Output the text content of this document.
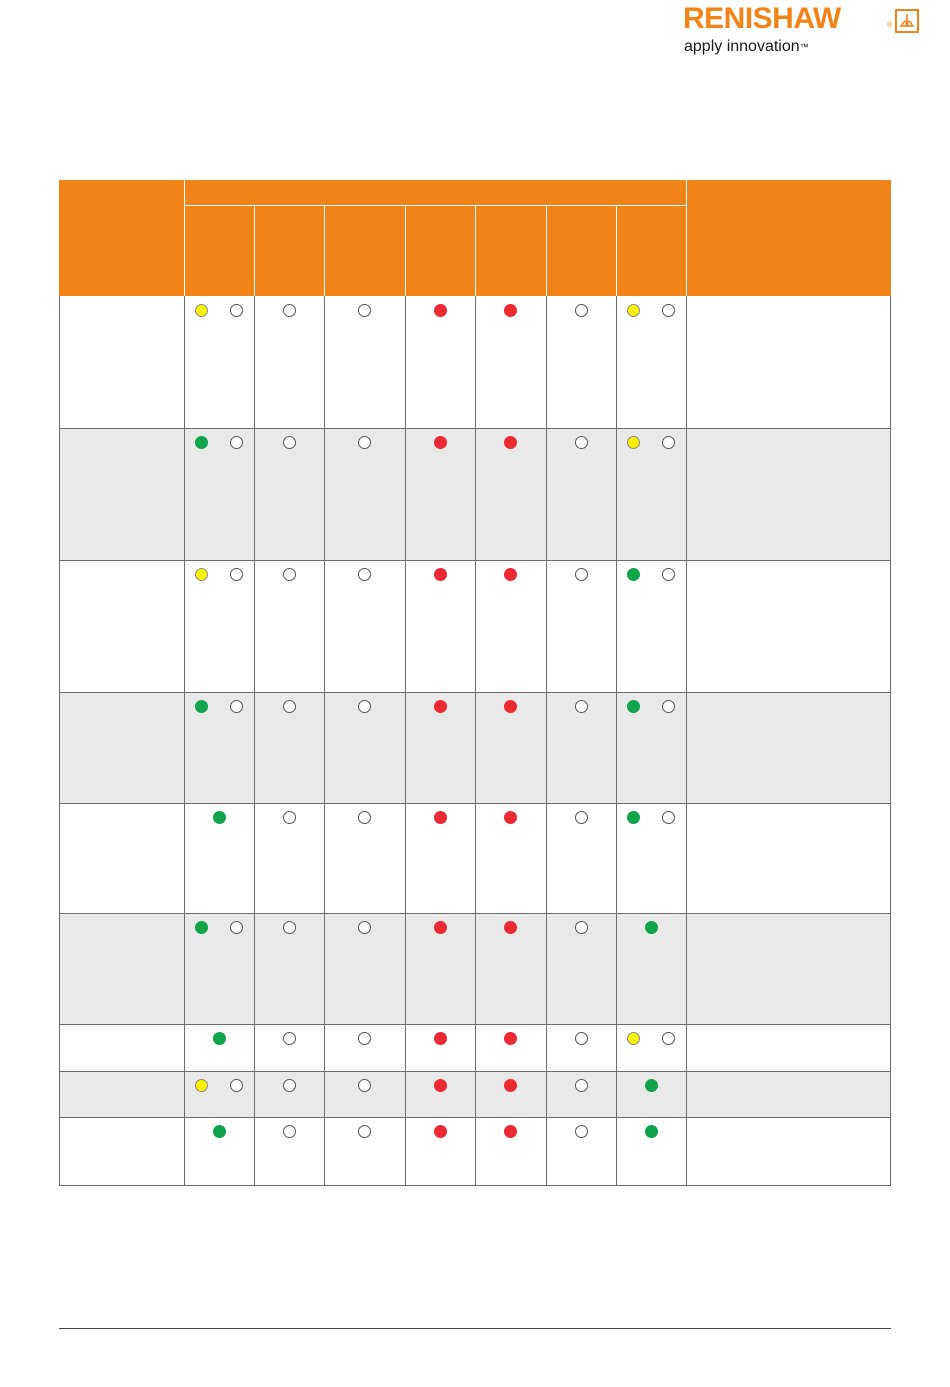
RENISHAW	®
apply innovation™
